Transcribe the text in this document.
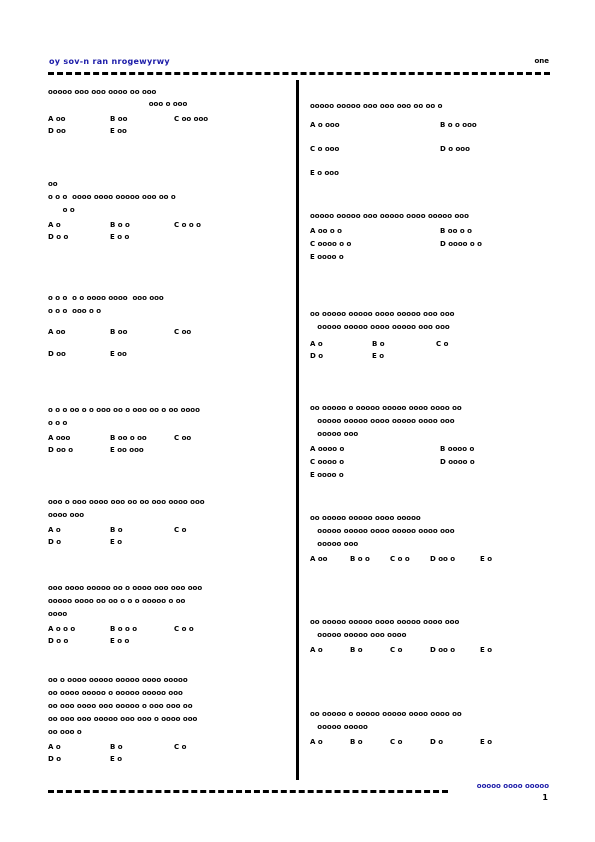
oy sov-n ran nrogewyrwy	one
ooooo ooo ooo oooo oo ooo
ooo o ooo
A oo	B oo	C oo ooo
D oo	E oo
oo
o o o  oooo oooo ooooo ooo oo o
o o
A o	B o o	C o o o
D o o	E o o
o o o  o o oooo oooo  ooo ooo
o o o  ooo o o
A oo	B oo	C oo
D oo	E oo
o o o oo o o ooo oo o ooo oo o oo oooo
o o o
A ooo	B oo o oo	C oo
D oo o	E oo ooo
ooo o ooo oooo ooo oo oo ooo oooo ooo
oooo ooo
A o	B o	C o
D o	E o
ooo oooo ooooo oo o oooo ooo ooo ooo
ooooo oooo oo oo o o o ooooo o oo
oooo
A o o o	B o o o	C o o
D o o	E o o
oo o oooo ooooo ooooo oooo ooooo
oo oooo ooooo o ooooo ooooo ooo
oo ooo oooo ooo ooooo o ooo ooo oo
oo ooo ooo ooooo ooo ooo o oooo ooo
oo ooo o
A o	B o	C o
D o	E o
ooooo ooooo ooo ooo ooo oo oo o
A o ooo	B o o ooo
C o ooo	D o ooo
E o ooo
ooooo ooooo ooo ooooo oooo ooooo ooo
A oo o o	B oo o o
C oooo o o	D oooo o o
E oooo o
oo ooooo ooooo oooo ooooo ooo ooo
ooooo ooooo oooo ooooo ooo ooo
A o	B o	C o
D o	E o
oo ooooo o ooooo ooooo oooo oooo oo
ooooo ooooo oooo ooooo oooo ooo
ooooo ooo
A oooo o	B oooo o
C oooo o	D oooo o
E oooo o
oo ooooo ooooo oooo ooooo
ooooo ooooo oooo ooooo oooo ooo
ooooo ooo
A oo	B o o	C o o	D oo o	E o
oo ooooo ooooo oooo ooooo oooo ooo
ooooo ooooo ooo oooo
A o	B o	C o	D oo o	E o
oo ooooo o ooooo ooooo oooo oooo oo
ooooo ooooo
A o	B o	C o	D o	E o
ooooo oooo ooooo
1
